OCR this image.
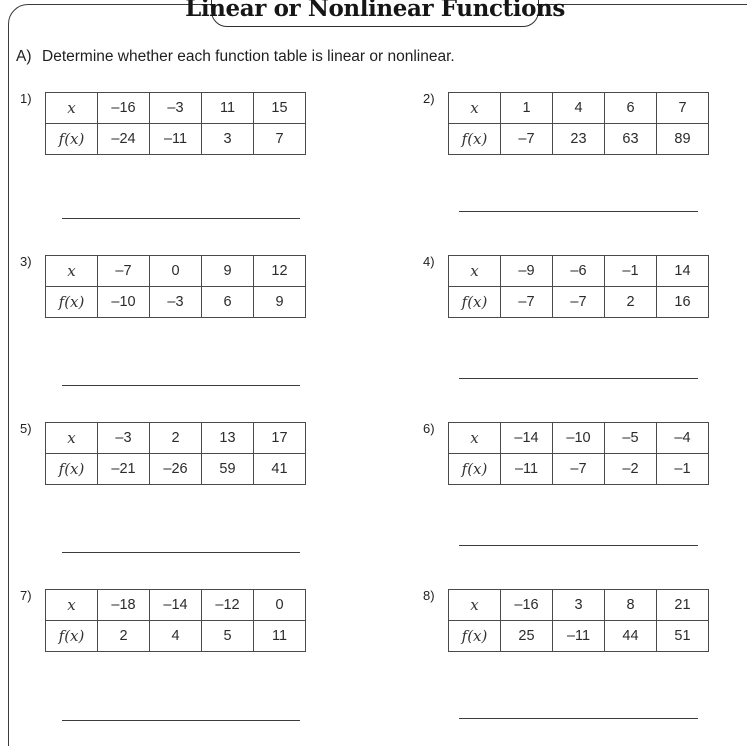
Linear or Nonlinear Functions
A) Determine whether each function table is linear or nonlinear.
1)
x	–16	–3	11	15
f(x)	–24	–11	3	7
2)
x	1	4	6	7
f(x)	–7	23	63	89
3)
x	–7	0	9	12
f(x)	–10	–3	6	9
4)
x	–9	–6	–1	14
f(x)	–7	–7	2	16
5)
x	–3	2	13	17
f(x)	–21	–26	59	41
6)
x	–14	–10	–5	–4
f(x)	–11	–7	–2	–1
7)
x	–18	–14	–12	0
f(x)	2	4	5	11
8)
x	–16	3	8	21
f(x)	25	–11	44	51
